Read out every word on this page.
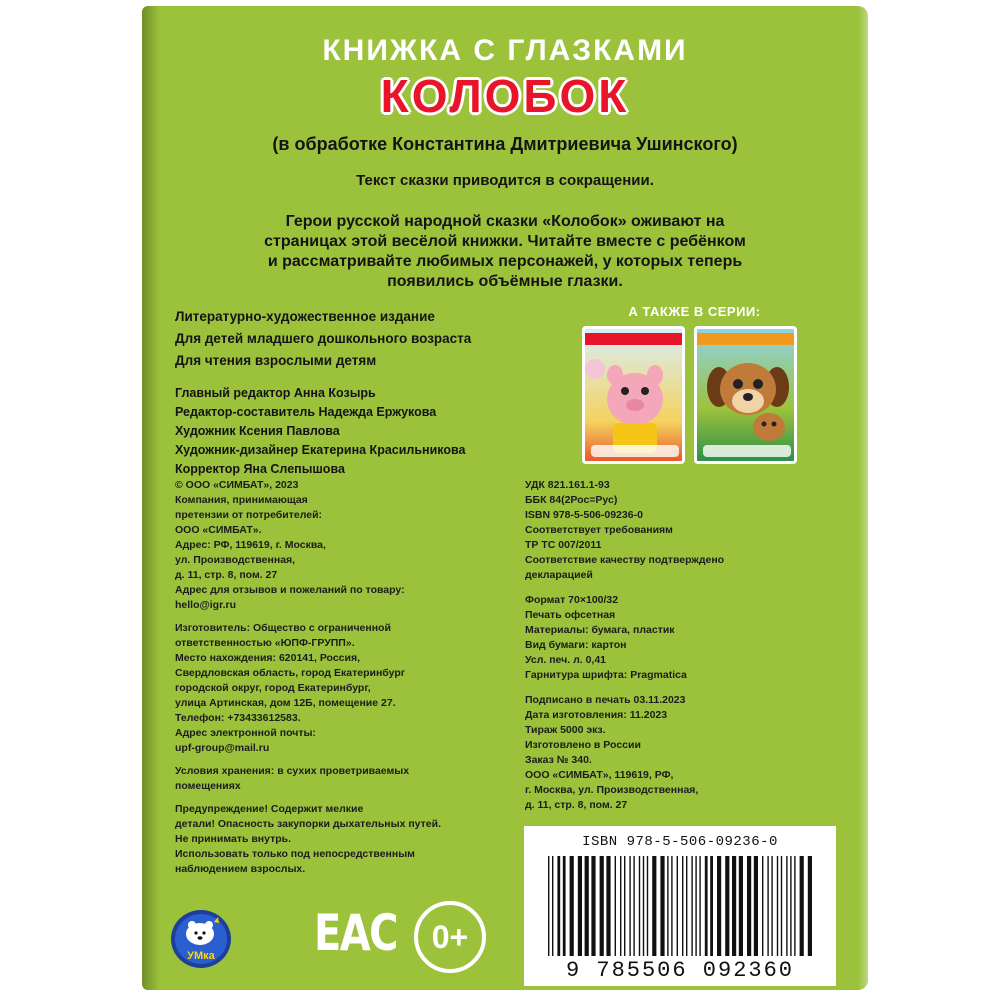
КНИЖКА С ГЛАЗКАМИ
КОЛОБОК
(в обработке Константина Дмитриевича Ушинского)
Текст сказки приводится в сокращении.
Герои русской народной сказки «Колобок» оживают на
страницах этой весёлой книжки. Читайте вместе с ребёнком
и рассматривайте любимых персонажей, у которых теперь
появились объёмные глазки.
Литературно-художественное издание
Для детей младшего дошкольного возраста
Для чтения взрослыми детям
А ТАКЖЕ В СЕРИИ:
Главный редактор Анна Козырь
Редактор-составитель Надежда Ержукова
Художник Ксения Павлова
Художник-дизайнер Екатерина Красильникова
Корректор Яна Слепышова
© ООО «СИМБАТ», 2023
Компания, принимающая
претензии от потребителей:
ООО «СИМБАТ».
Адрес: РФ, 119619, г. Москва,
ул. Производственная,
д. 11, стр. 8, пом. 27
Адрес для отзывов и пожеланий по товару:
hello@igr.ru
Изготовитель: Общество с ограниченной
ответственностью «ЮПФ-ГРУПП».
Место нахождения: 620141, Россия,
Свердловская область, город Екатеринбург
городской округ, город Екатеринбург,
улица Артинская, дом 12Б, помещение 27.
Телефон: +73433612583.
Адрес электронной почты:
upf-group@mail.ru
Условия хранения: в сухих проветриваемых
помещениях
Предупреждение! Содержит мелкие
детали! Опасность закупорки дыхательных путей.
Не принимать внутрь.
Использовать только под непосредственным
наблюдением взрослых.
УДК 821.161.1-93
ББК 84(2Рос=Рус)
ISBN 978-5-506-09236-0
Соответствует требованиям
ТР ТС 007/2011
Соответствие качеству подтверждено
декларацией
Формат 70×100/32
Печать офсетная
Материалы: бумага, пластик
Вид бумаги: картон
Усл. печ. л. 0,41
Гарнитура шрифта: Pragmatica
Подписано в печать 03.11.2023
Дата изготовления: 11.2023
Тираж 5000 экз.
Изготовлено в России
Заказ № 340.
ООО «СИМБАТ», 119619, РФ,
г. Москва, ул. Производственная,
д. 11, стр. 8, пом. 27
УМка EAC 0+
ISBN 978-5-506-09236-0
9 785506 092360
